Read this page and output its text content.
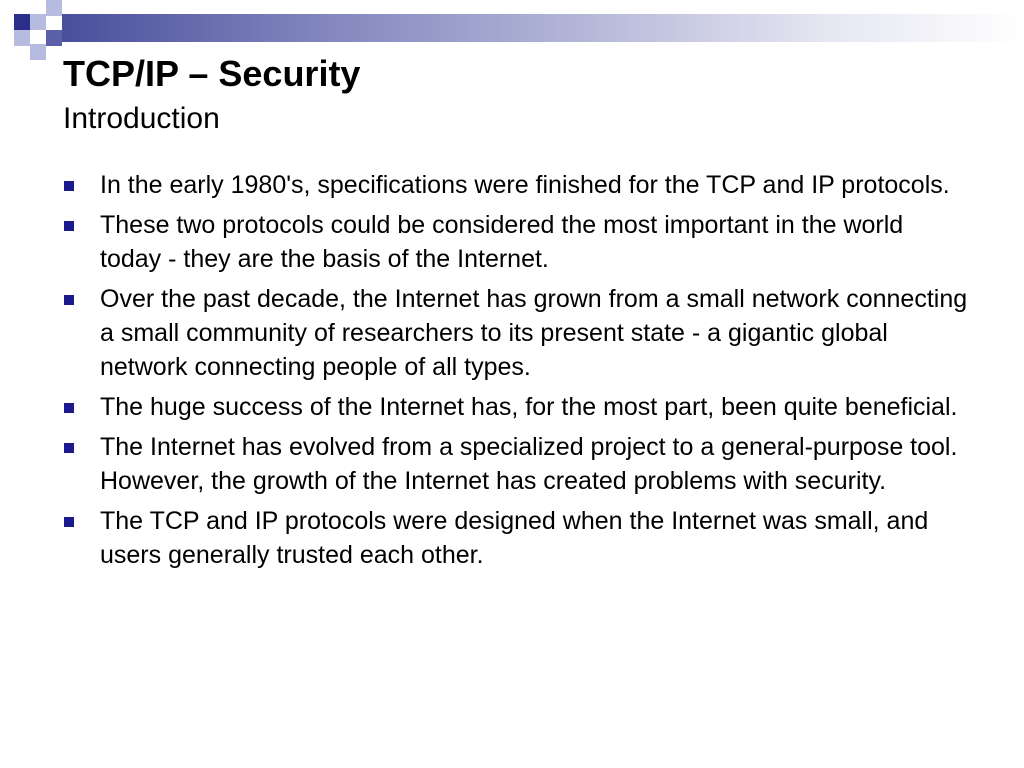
TCP/IP – Security
Introduction
In the early 1980's, specifications were finished for the TCP and IP protocols.
These two protocols could be considered the most important in the world today - they are the basis of the Internet.
Over the past decade, the Internet has grown from a small network connecting a small community of researchers to its present state - a gigantic global network connecting people of all types.
The huge success of the Internet has, for the most part, been quite beneficial.
The Internet has evolved from a specialized project to a general-purpose tool. However, the growth of the Internet has created problems with security.
The TCP and IP protocols were designed when the Internet was small, and users generally trusted each other.
